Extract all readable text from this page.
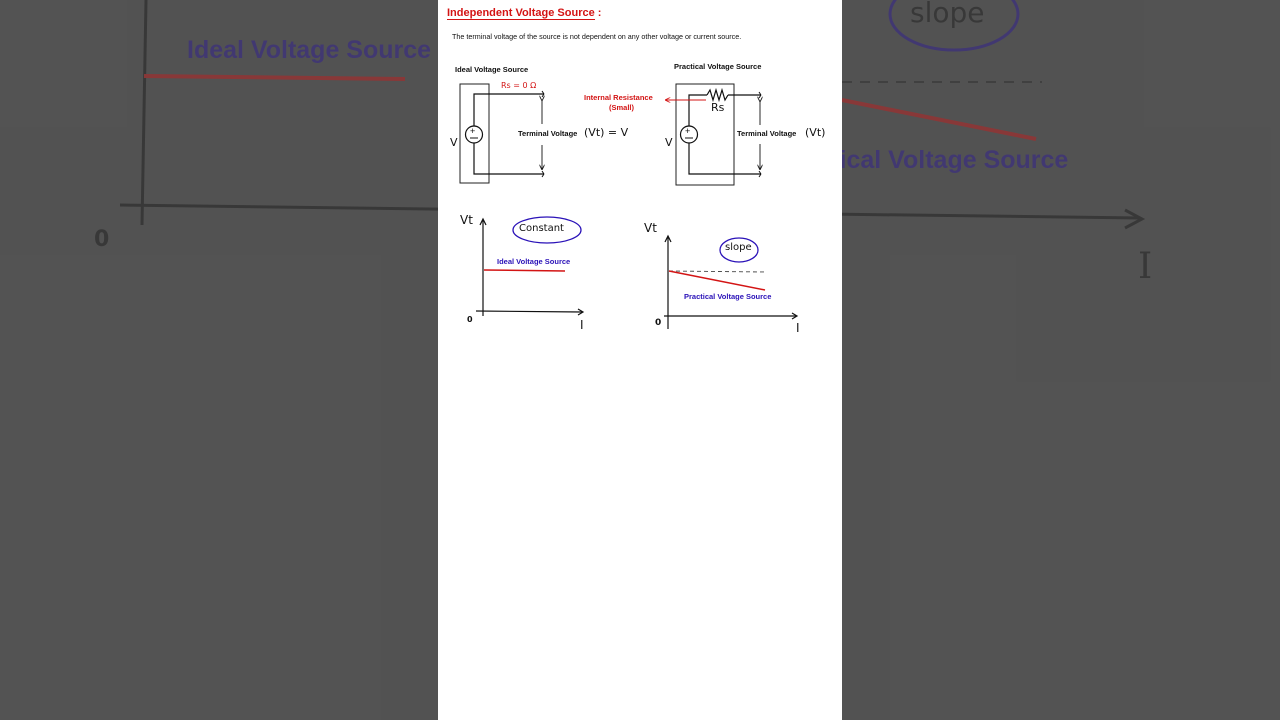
Independent Voltage Source :
The terminal voltage of the source is not dependent on any other voltage or current source.
+	+
Ideal Voltage Source
V
Rs = 0 Ω
Terminal Voltage (Vt) = V
Practical Voltage Source
V
Rs
Internal Resistance
(Small)
Terminal Voltage (Vt)
Vt
0	I
Constant
Ideal Voltage Source
Vt
0	I
slope
Practical Voltage Source
